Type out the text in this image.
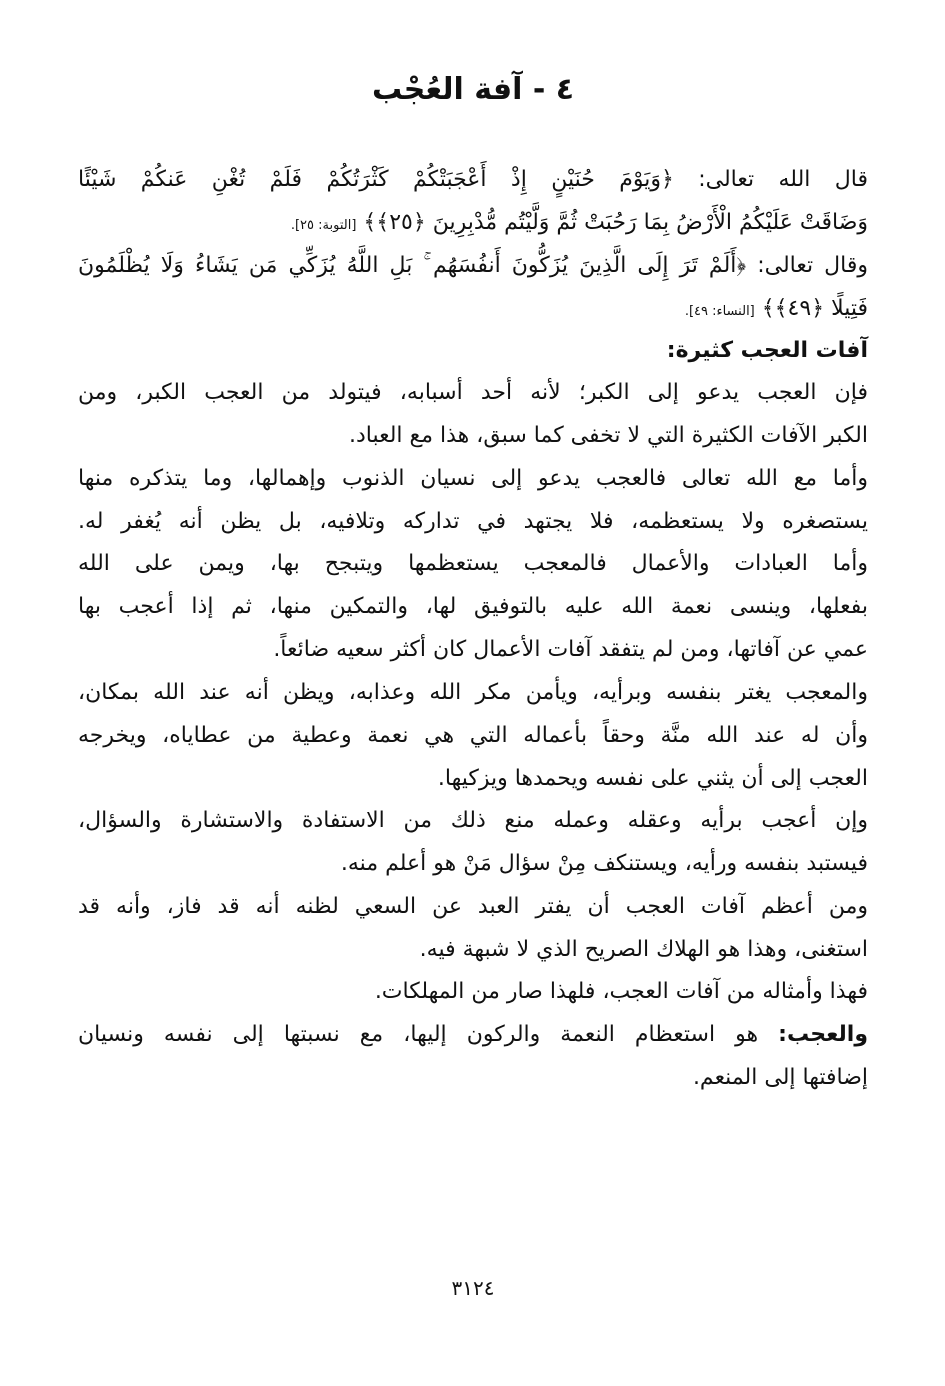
٤ - آفة العُجْب
قال الله تعالى: ﴿وَيَوْمَ حُنَيْنٍ إِذْ أَعْجَبَتْكُمْ كَثْرَتُكُمْ فَلَمْ تُغْنِ عَنكُمْ شَيْئًا
وَضَاقَتْ عَلَيْكُمُ الْأَرْضُ بِمَا رَحُبَتْ ثُمَّ وَلَّيْتُم مُّدْبِرِينَ ﴿٢٥﴾﴾ [التوبة: ٢٥].
وقال تعالى: ﴿أَلَمْ تَرَ إِلَى الَّذِينَ يُزَكُّونَ أَنفُسَهُم ۚ بَلِ اللَّهُ يُزَكِّي مَن يَشَاءُ وَلَا يُظْلَمُونَ
فَتِيلًا ﴿٤٩﴾﴾ [النساء: ٤٩].
آفات العجب كثيرة:
فإن العجب يدعو إلى الكبر؛ لأنه أحد أسبابه، فيتولد من العجب الكبر، ومن
الكبر الآفات الكثيرة التي لا تخفى كما سبق، هذا مع العباد.
وأما مع الله تعالى فالعجب يدعو إلى نسيان الذنوب وإهمالها، وما يتذكره منها
يستصغره ولا يستعظمه، فلا يجتهد في تداركه وتلافيه، بل يظن أنه يُغفر له.
وأما العبادات والأعمال فالمعجب يستعظمها ويتبجح بها، ويمن على الله
بفعلها، وينسى نعمة الله عليه بالتوفيق لها، والتمكين منها، ثم إذا أعجب بها
عمي عن آفاتها، ومن لم يتفقد آفات الأعمال كان أكثر سعيه ضائعاً.
والمعجب يغتر بنفسه وبرأيه، ويأمن مكر الله وعذابه، ويظن أنه عند الله بمكان،
وأن له عند الله منَّة وحقاً بأعماله التي هي نعمة وعطية من عطاياه، ويخرجه
العجب إلى أن يثني على نفسه ويحمدها ويزكيها.
وإن أعجب برأيه وعقله وعمله منع ذلك من الاستفادة والاستشارة والسؤال،
فيستبد بنفسه ورأيه، ويستنكف مِنْ سؤال مَنْ هو أعلم منه.
ومن أعظم آفات العجب أن يفتر العبد عن السعي لظنه أنه قد فاز، وأنه قد
استغنى، وهذا هو الهلاك الصريح الذي لا شبهة فيه.
فهذا وأمثاله من آفات العجب، فلهذا صار من المهلكات.
والعجب: هو استعظام النعمة والركون إليها، مع نسبتها إلى نفسه ونسيان
إضافتها إلى المنعم.
٣١٢٤
